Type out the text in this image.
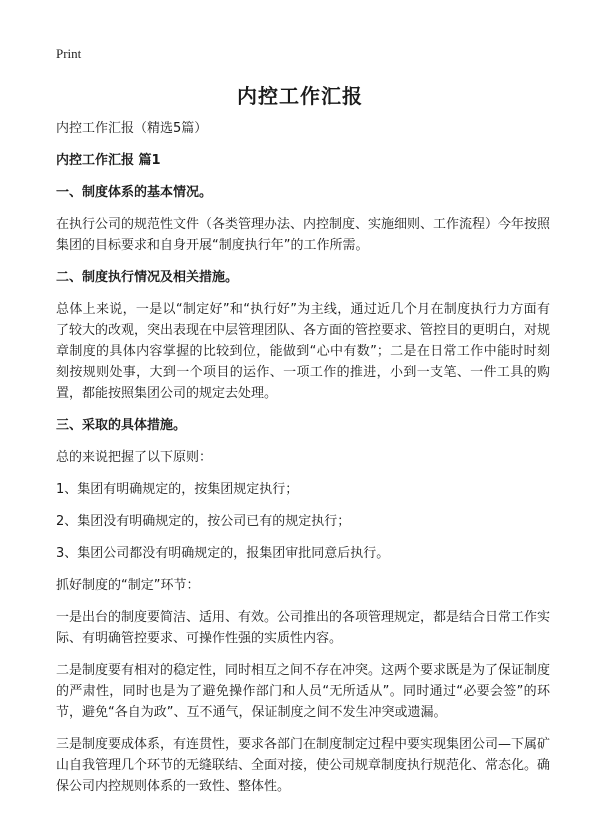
Print
内控工作汇报

内控工作汇报（精选5篇）

内控工作汇报 篇1

一、制度体系的基本情况。

在执行公司的规范性文件（各类管理办法、内控制度、实施细则、工作流程）今年按照集团的目标要求和自身开展“制度执行年”的工作所需。

二、制度执行情况及相关措施。

总体上来说，一是以“制定好”和“执行好”为主线，通过近几个月在制度执行力方面有了较大的改观，突出表现在中层管理团队、各方面的管控要求、管控目的更明白，对规章制度的具体内容掌握的比较到位，能做到“心中有数”；二是在日常工作中能时时刻刻按规则处事，大到一个项目的运作、一项工作的推进，小到一支笔、一件工具的购置，都能按照集团公司的规定去处理。

三、采取的具体措施。

总的来说把握了以下原则：

1、集团有明确规定的，按集团规定执行；

2、集团没有明确规定的，按公司已有的规定执行；

3、集团公司都没有明确规定的，报集团审批同意后执行。

抓好制度的“制定”环节：

一是出台的制度要简洁、适用、有效。公司推出的各项管理规定，都是结合日常工作实际、有明确管控要求、可操作性强的实质性内容。

二是制度要有相对的稳定性，同时相互之间不存在冲突。这两个要求既是为了保证制度的严肃性，同时也是为了避免操作部门和人员“无所适从”。同时通过“必要会签”的环节，避免“各自为政”、互不通气，保证制度之间不发生冲突或遗漏。

三是制度要成体系，有连贯性，要求各部门在制度制定过程中要实现集团公司—下属矿山自我管理几个环节的无缝联结、全面对接，使公司规章制度执行规范化、常态化。确保公司内控规则体系的一致性、整体性。
